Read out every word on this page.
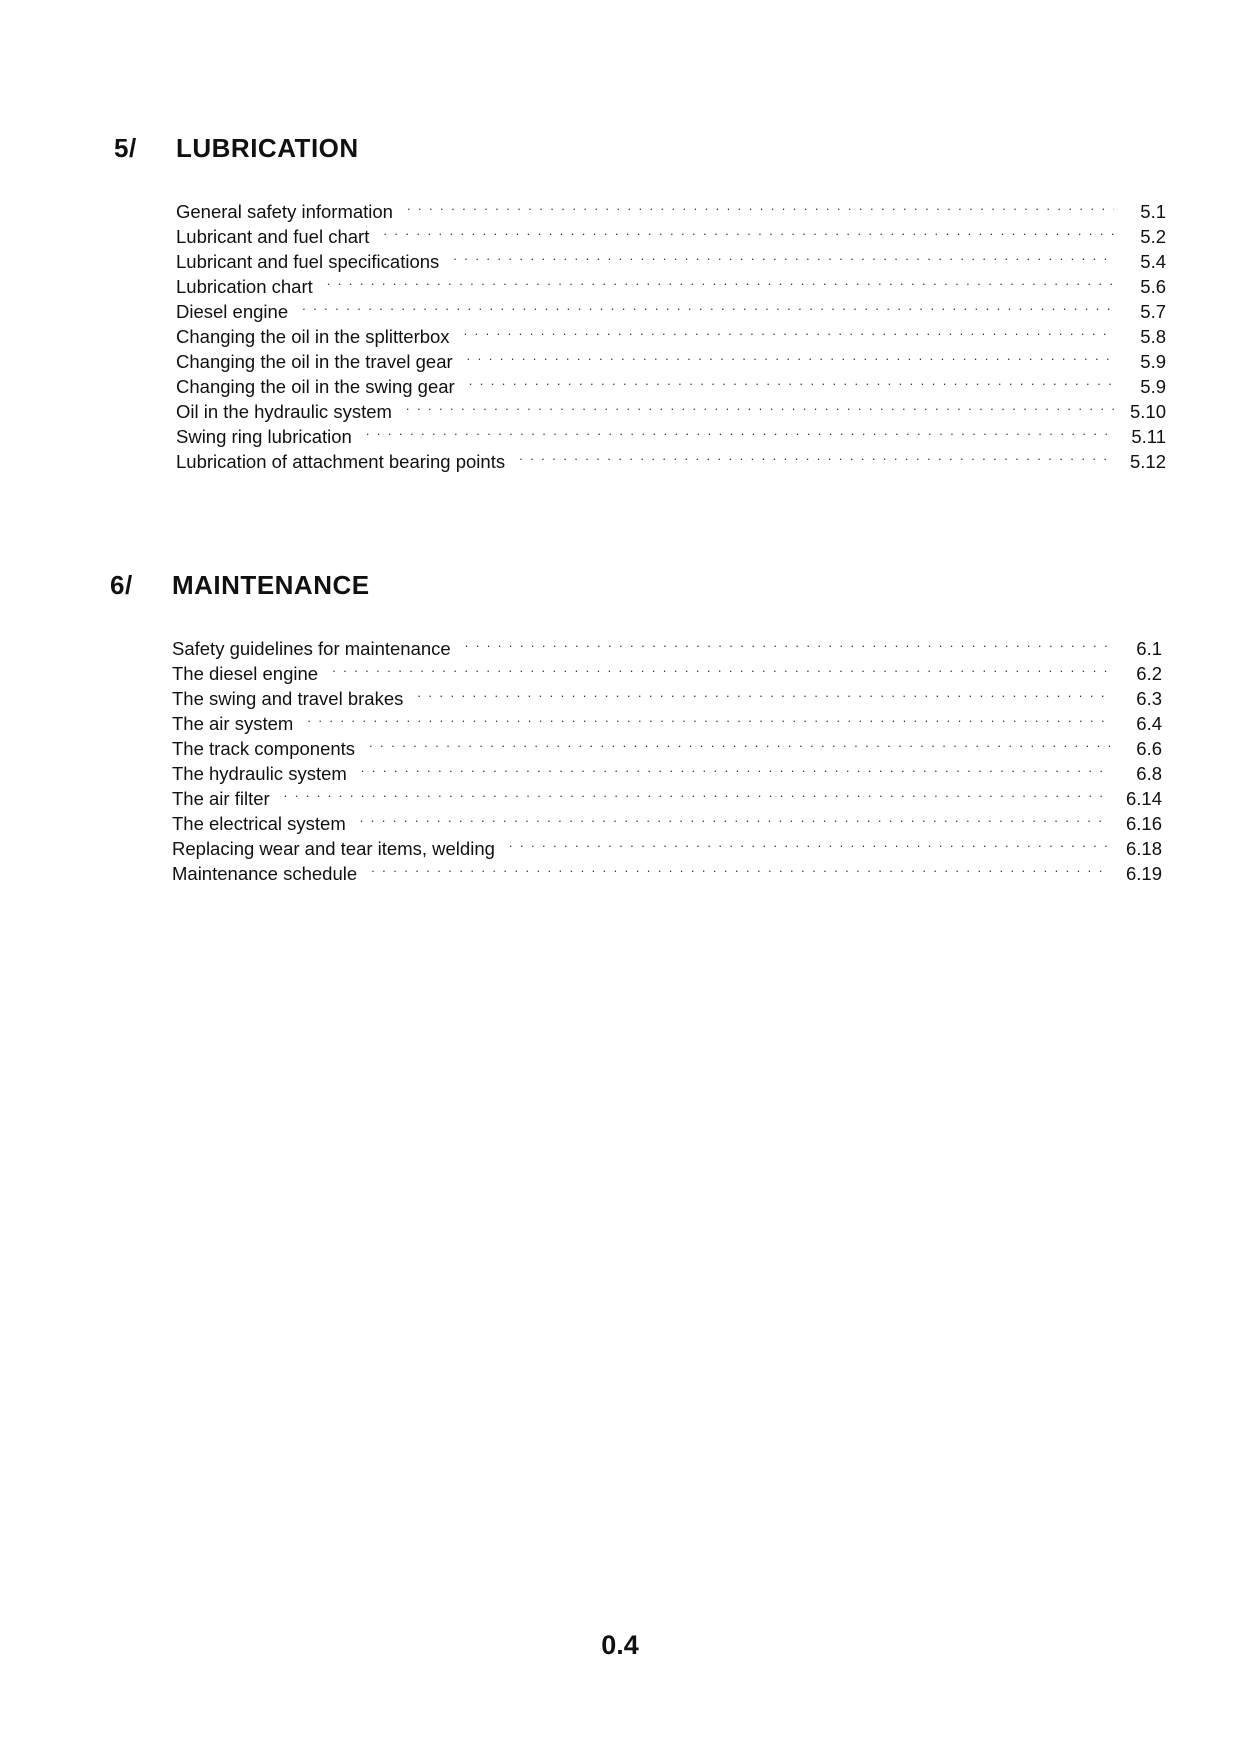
5/ LUBRICATION
General safety information . . .	5.1
Lubricant and fuel chart . . .	5.2
Lubricant and fuel specifications . . .	5.4
Lubrication chart . . .	5.6
Diesel engine . . .	5.7
Changing the oil in the splitterbox . . .	5.8
Changing the oil in the travel gear . . .	5.9
Changing the oil in the swing gear . . .	5.9
Oil in the hydraulic system . . .	5.10
Swing ring lubrication . . .	5.11
Lubrication of attachment bearing points . . .	5.12
6/ MAINTENANCE
Safety guidelines for maintenance . . .	6.1
The diesel engine . . .	6.2
The swing and travel brakes . . .	6.3
The air system . . .	6.4
The track components . . .	6.6
The hydraulic system . . .	6.8
The air filter . . .	6.14
The electrical system . . .	6.16
Replacing wear and tear items, welding . . .	6.18
Maintenance schedule . . .	6.19
0.4
